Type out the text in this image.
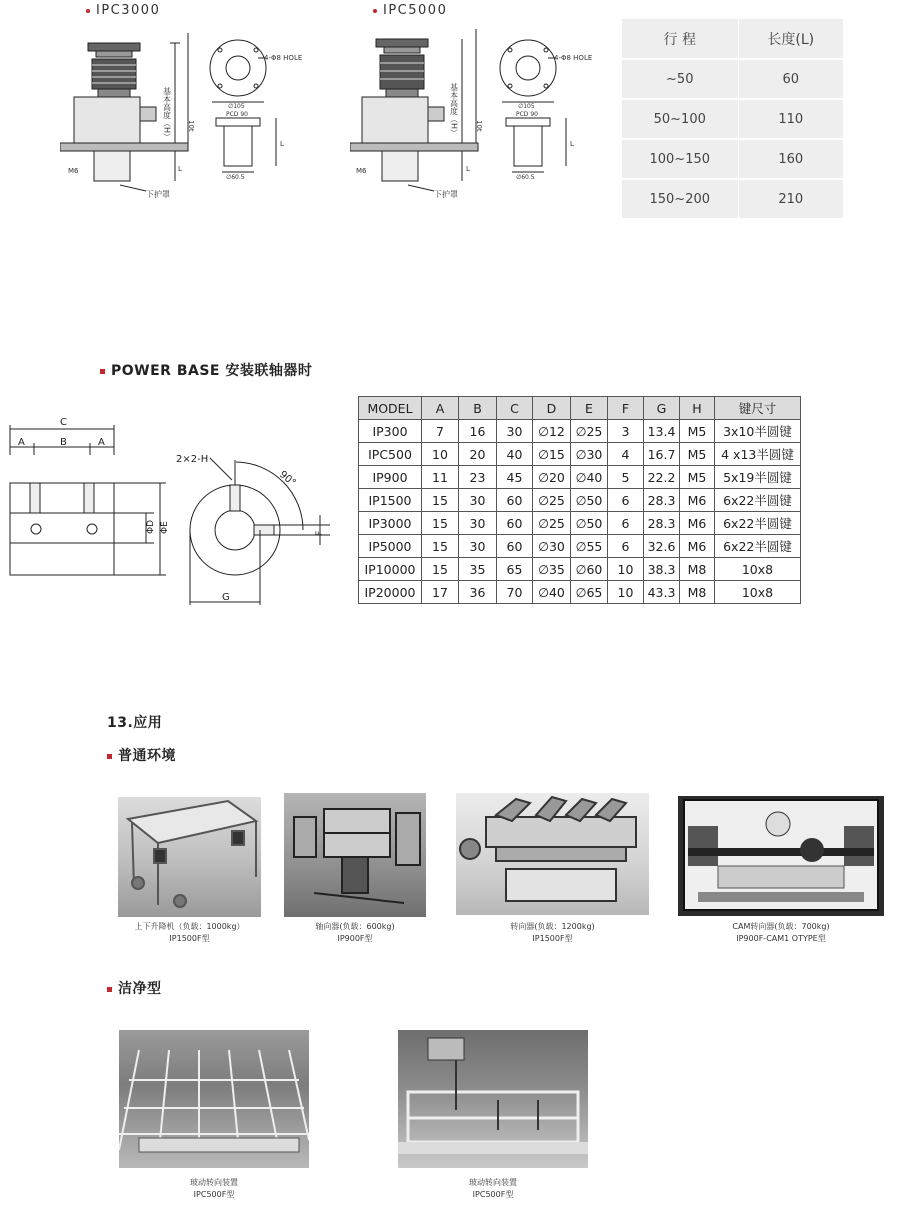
IPC3000	IPC5000
基本高度（H） 10t
L
M6
下护罩
4-Φ8 HOLE
∅105
PCD 90
L
∅60.5
基本高度（H） 10t
L
M6
下护罩
4-Φ8 HOLE
∅105
PCD 90
L
∅60.5
行 程	长度(L)
~50	60
50~100	110
100~150	160
150~200	210
POWER BASE 安装联轴器时
C
A	B	A
ΦD ΦE
2×2-H
90°
F
G
MODEL	A	B	C	D	E	F	G	H	键尺寸
IP300	7	16	30	∅12	∅25	3	13.4	M5	3x10半圆键
IPC500	10	20	40	∅15	∅30	4	16.7	M5	4 x13半圆键
IP900	11	23	45	∅20	∅40	5	22.2	M5	5x19半圆键
IP1500	15	30	60	∅25	∅50	6	28.3	M6	6x22半圆键
IP3000	15	30	60	∅25	∅50	6	28.3	M6	6x22半圆键
IP5000	15	30	60	∅30	∅55	6	32.6	M6	6x22半圆键
IP10000	15	35	65	∅35	∅60	10	38.3	M8	10x8
IP20000	17	36	70	∅40	∅65	10	43.3	M8	10x8
13.应用
普通环境
上下升降机（负载：1000kg）
IP1500F型
轴向器(负载：600kg)
IP900F型
转向器(负载：1200kg)
IP1500F型
CAM转向器(负载：700kg)
IP900F-CAM1 OTYPE型
洁净型
玻动转向装置
IPC500F型
玻动转向装置
IPC500F型
